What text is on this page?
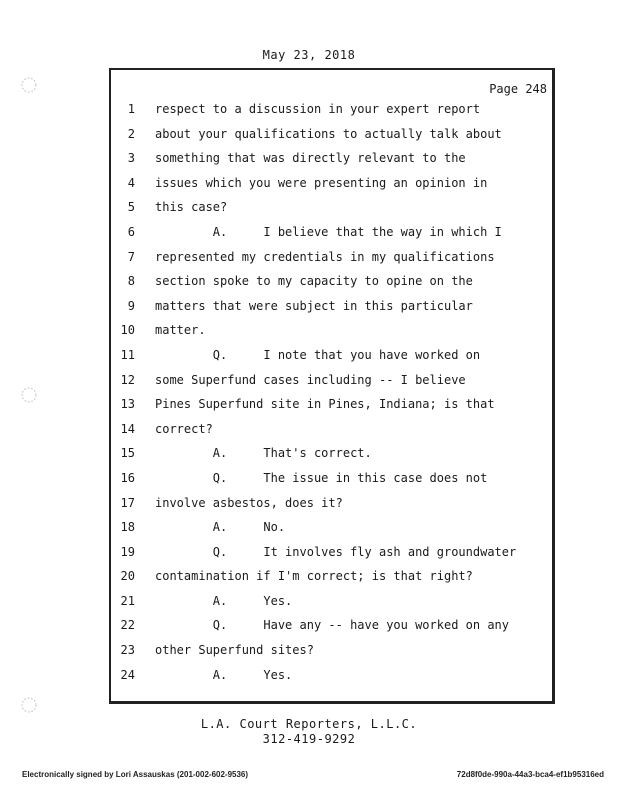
May 23, 2018
Page 248
1 respect to a discussion in your expert report
2 about your qualifications to actually talk about
3 something that was directly relevant to the
4 issues which you were presenting an opinion in
5 this case?
6 A.     I believe that the way in which I
7 represented my credentials in my qualifications
8 section spoke to my capacity to opine on the
9 matters that were subject in this particular
10 matter.
11 Q.     I note that you have worked on
12 some Superfund cases including -- I believe
13 Pines Superfund site in Pines, Indiana; is that
14 correct?
15 A.     That's correct.
16 Q.     The issue in this case does not
17 involve asbestos, does it?
18 A.     No.
19 Q.     It involves fly ash and groundwater
20 contamination if I'm correct; is that right?
21 A.     Yes.
22 Q.     Have any -- have you worked on any
23 other Superfund sites?
24 A.     Yes.
L.A. Court Reporters, L.L.C.
312-419-9292
Electronically signed by Lori Assauskas (201-002-602-9536)	72d8f0de-990a-44a3-bca4-ef1b95316ed
